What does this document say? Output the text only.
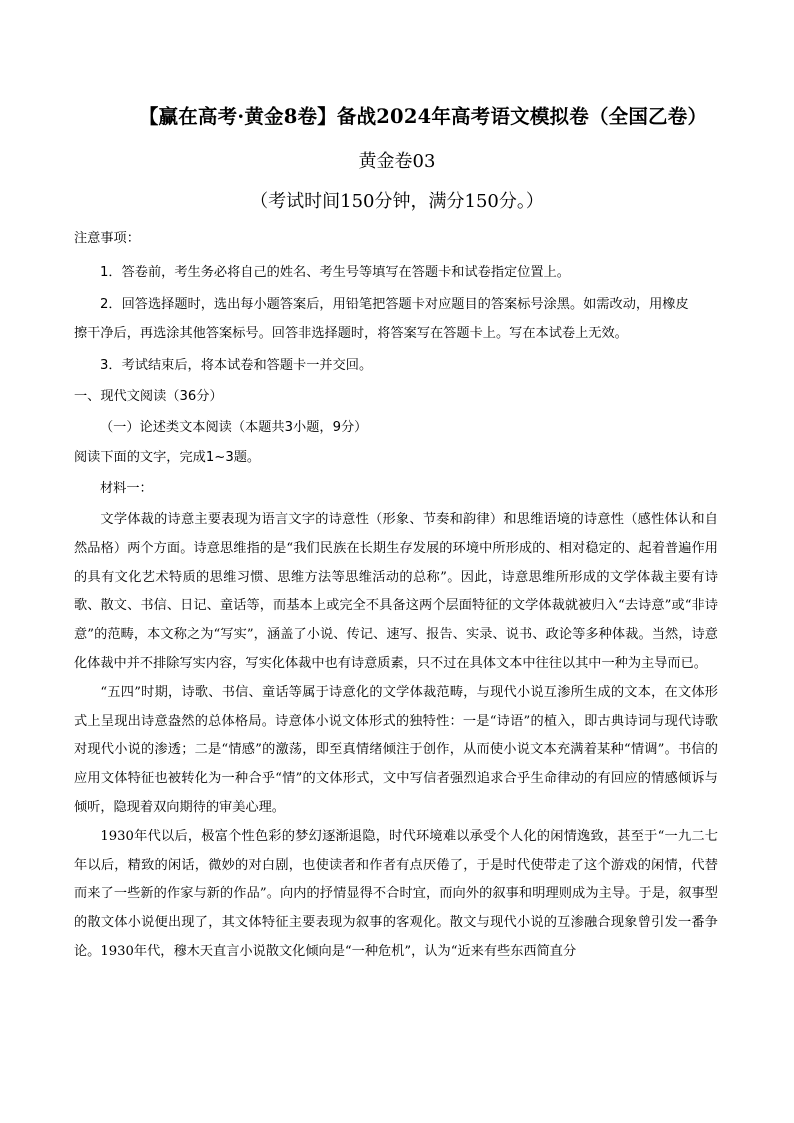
【赢在高考·黄金8卷】备战2024年高考语文模拟卷（全国乙卷）
黄金卷03
（考试时间150分钟，满分150分。）
注意事项：
1．答卷前，考生务必将自己的姓名、考生号等填写在答题卡和试卷指定位置上。
2．回答选择题时，选出每小题答案后，用铅笔把答题卡对应题目的答案标号涂黑。如需改动，用橡皮
擦干净后，再选涂其他答案标号。回答非选择题时，将答案写在答题卡上。写在本试卷上无效。
3．考试结束后，将本试卷和答题卡一并交回。
一、现代文阅读（36分）
（一）论述类文本阅读（本题共3小题，9分）
阅读下面的文字，完成1~3题。
材料一：

文学体裁的诗意主要表现为语言文字的诗意性（形象、节奏和韵律）和思维语境的诗意性（感性体认和自然品格）两个方面。诗意思维指的是“我们民族在长期生存发展的环境中所形成的、相对稳定的、起着普遍作用的具有文化艺术特质的思维习惯、思维方法等思维活动的总称”。因此，诗意思维所形成的文学体裁主要有诗歌、散文、书信、日记、童话等，而基本上或完全不具备这两个层面特征的文学体裁就被归入“去诗意”或“非诗意”的范畴，本文称之为“写实”，涵盖了小说、传记、速写、报告、实录、说书、政论等多种体裁。当然，诗意化体裁中并不排除写实内容，写实化体裁中也有诗意质素，只不过在具体文本中往往以其中一种为主导而已。

“五四”时期，诗歌、书信、童话等属于诗意化的文学体裁范畴，与现代小说互渗所生成的文本，在文体形式上呈现出诗意盎然的总体格局。诗意体小说文体形式的独特性：一是“诗语”的植入，即古典诗词与现代诗歌对现代小说的渗透；二是“情感”的激荡，即至真情绪倾注于创作，从而使小说文本充满着某种“情调”。书信的应用文体特征也被转化为一种合乎“情”的文体形式，文中写信者强烈追求合乎生命律动的有回应的情感倾诉与倾听，隐现着双向期待的审美心理。

1930年代以后，极富个性色彩的梦幻逐渐退隐，时代环境难以承受个人化的闲情逸致，甚至于“一九二七年以后，精致的闲话，微妙的对白剧，也使读者和作者有点厌倦了，于是时代使带走了这个游戏的闲情，代替而来了一些新的作家与新的作品”。向内的抒情显得不合时宜，而向外的叙事和明理则成为主导。于是，叙事型的散文体小说便出现了，其文体特征主要表现为叙事的客观化。散文与现代小说的互渗融合现象曾引发一番争论。1930年代，穆木天直言小说散文化倾向是“一种危机”，认为“近来有些东西简直分
